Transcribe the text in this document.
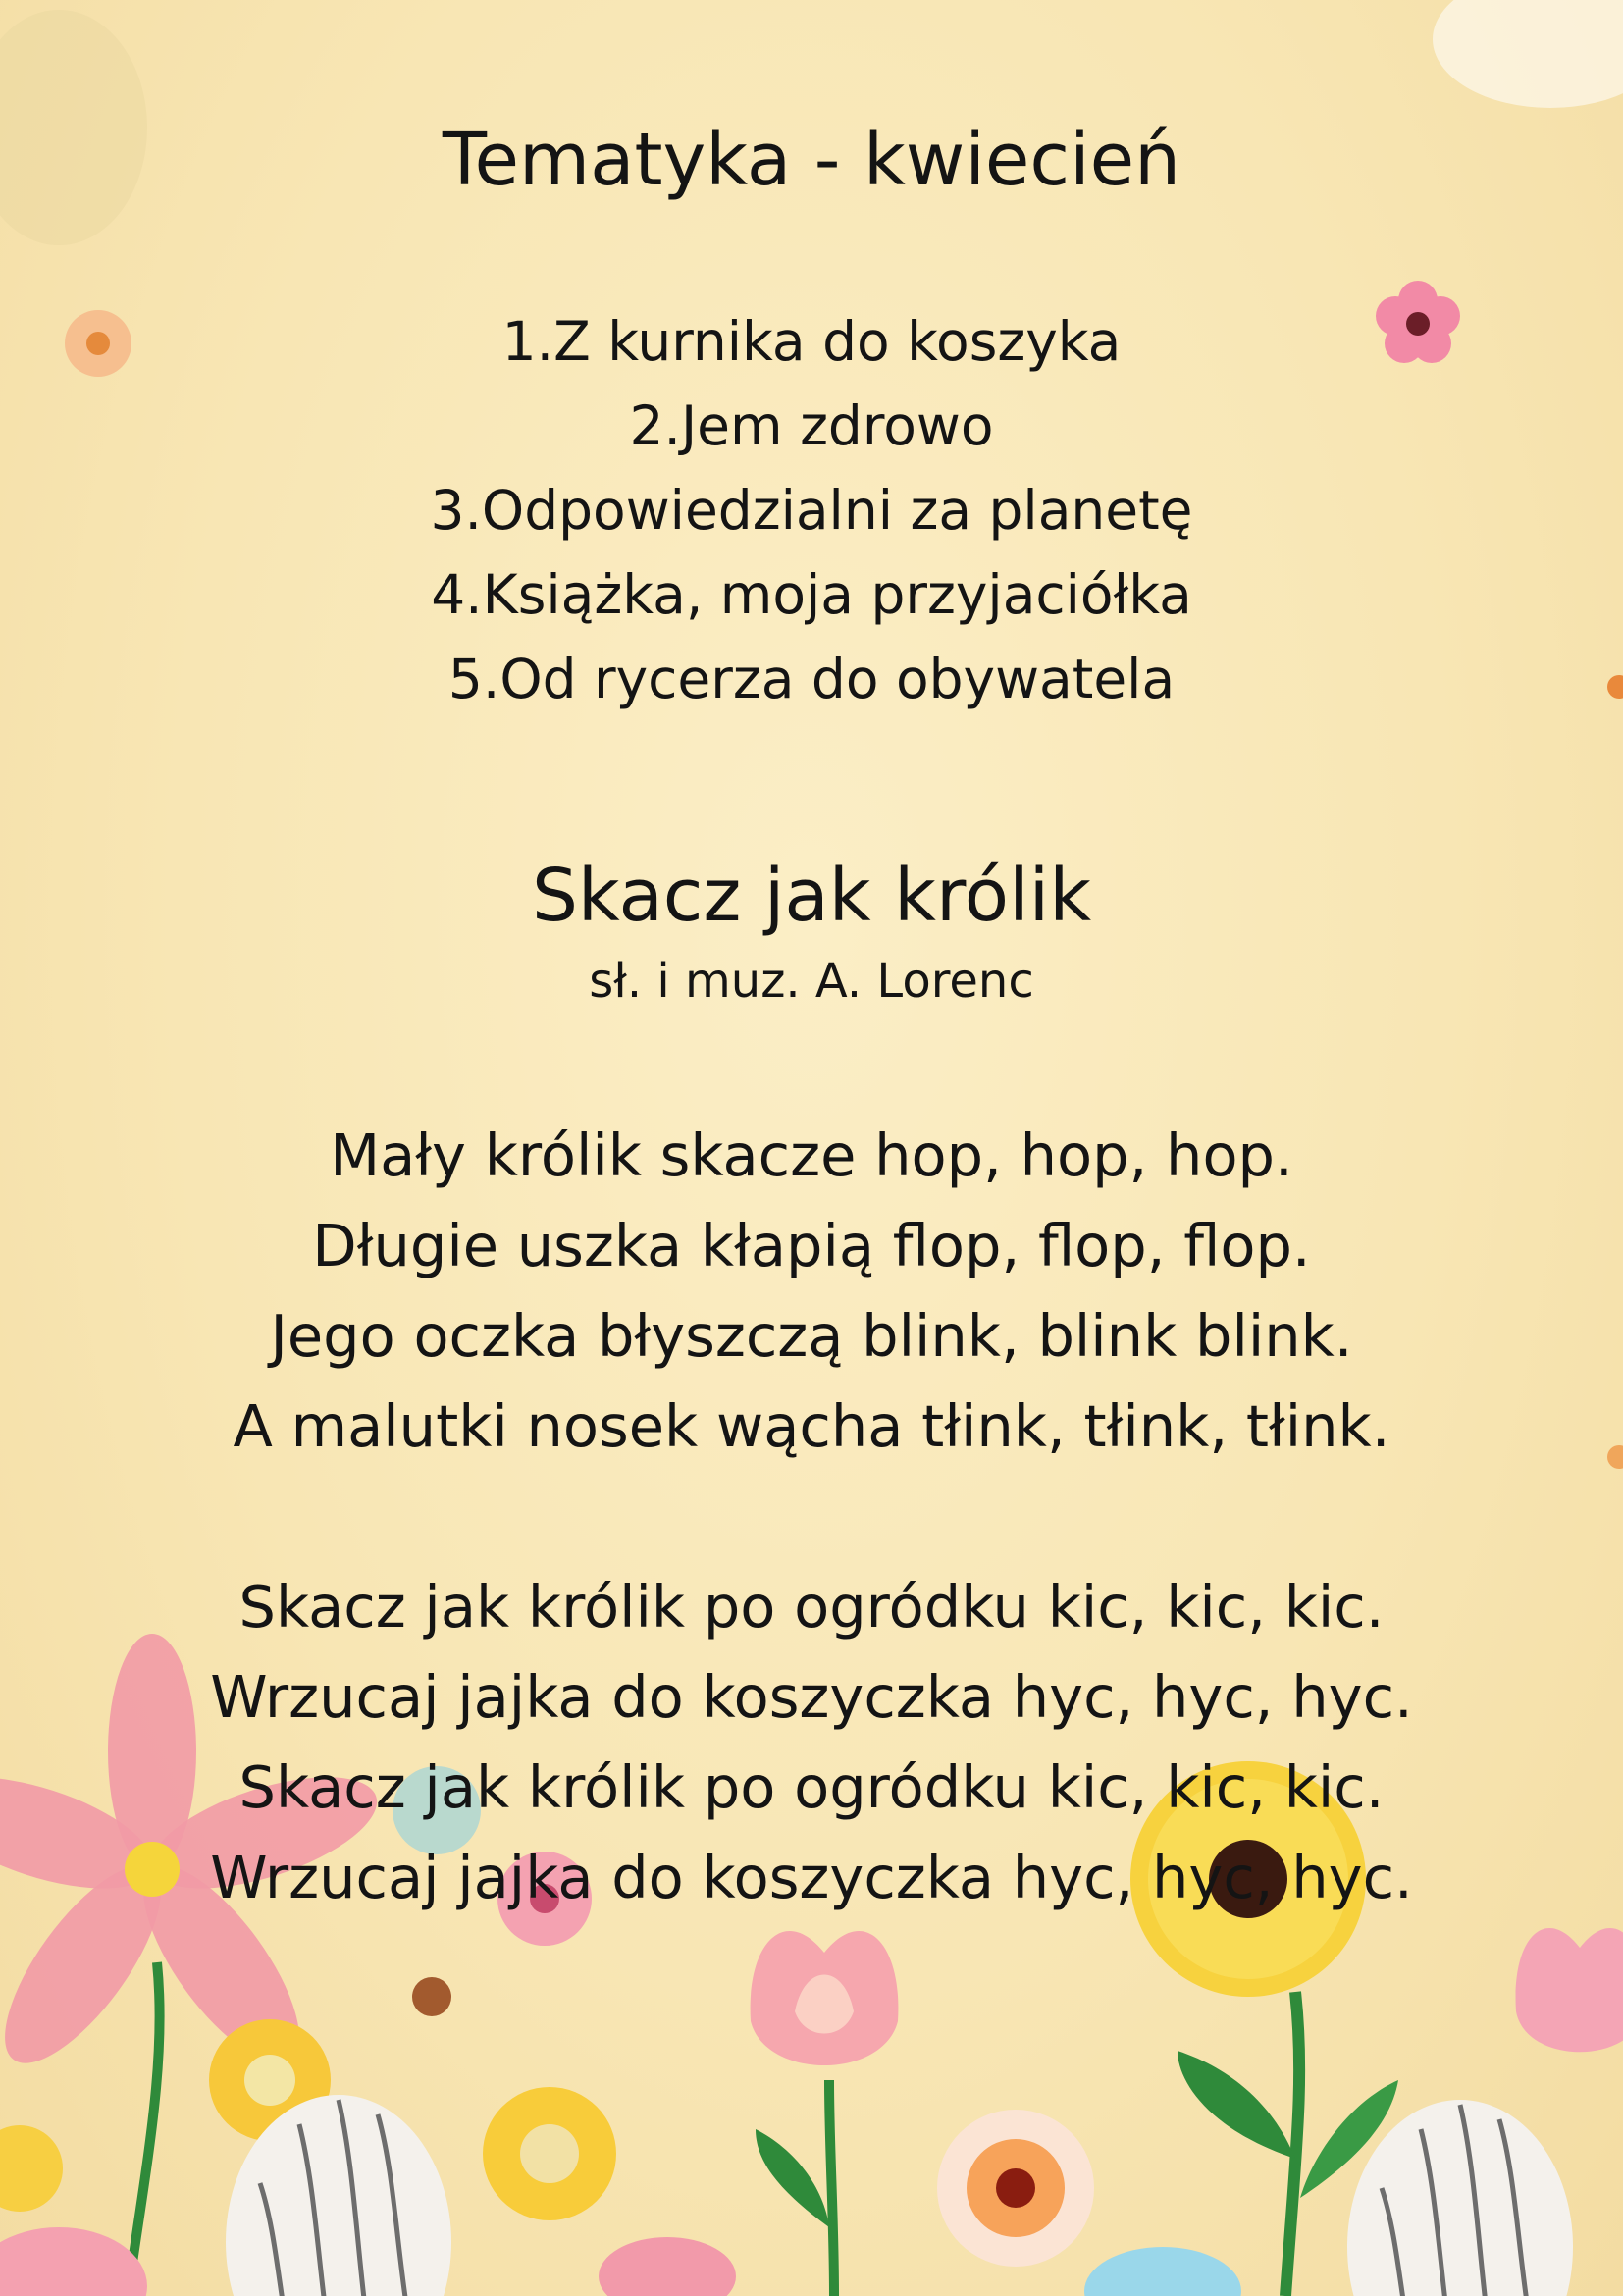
Tematyka - kwiecień
1.Z kurnika do koszyka
2.Jem zdrowo
3.Odpowiedzialni za planetę
4.Książka, moja przyjaciółka
5.Od rycerza do obywatela
Skacz jak królik
sł. i muz. A. Lorenc
Mały królik skacze hop, hop, hop.
Długie uszka kłapią flop, flop, flop.
Jego oczka błyszczą blink, blink blink.
A malutki nosek wącha tłink, tłink, tłink.
Skacz jak królik po ogródku kic, kic, kic.
Wrzucaj jajka do koszyczka hyc, hyc, hyc.
Skacz jak królik po ogródku kic, kic, kic.
Wrzucaj jajka do koszyczka hyc, hyc, hyc.
